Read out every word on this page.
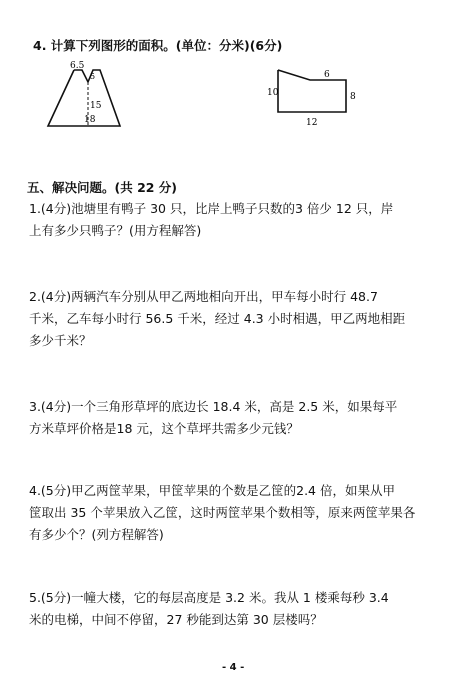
4. 计算下列图形的面积。(单位：分米)(6分)
6.5
5
15
18
10
6
8
12
五、解决问题。(共 22 分)
1.(4分)池塘里有鸭子 30 只，比岸上鸭子只数的3 倍少 12 只，岸
上有多少只鸭子？(用方程解答)
2.(4分)两辆汽车分别从甲乙两地相向开出，甲车每小时行 48.7
千米，乙车每小时行 56.5 千米，经过 4.3 小时相遇，甲乙两地相距
多少千米？
3.(4分)一个三角形草坪的底边长 18.4 米，高是 2.5 米，如果每平
方米草坪价格是18 元，这个草坪共需多少元钱？
4.(5分)甲乙两筐苹果，甲筐苹果的个数是乙筐的2.4 倍，如果从甲
筐取出 35 个苹果放入乙筐，这时两筐苹果个数相等，原来两筐苹果各
有多少个？(列方程解答)
5.(5分)一幢大楼，它的每层高度是 3.2 米。我从 1 楼乘每秒 3.4
米的电梯，中间不停留，27 秒能到达第 30 层楼吗？
- 4 -
